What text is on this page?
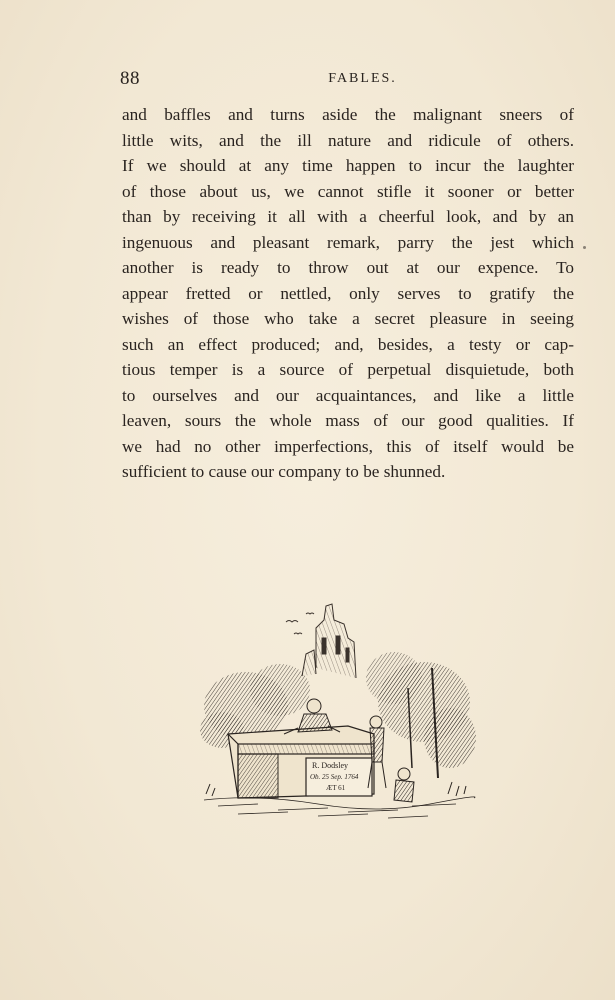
88	FABLES.
and baffles and turns aside the malignant sneers of
little wits, and the ill nature and ridicule of others.
If we should at any time happen to incur the laughter
of those about us, we cannot stifle it sooner or better
than by receiving it all with a cheerful look, and by an
ingenuous and pleasant remark, parry the jest which
another is ready to throw out at our expence. To
appear fretted or nettled, only serves to gratify the
wishes of those who take a secret pleasure in seeing
such an effect produced; and, besides, a testy or cap-
tious temper is a source of perpetual disquietude, both
to ourselves and our acquaintances, and like a little
leaven, sours the whole mass of our good qualities. If
we had no other imperfections, this of itself would be
sufficient to cause our company to be shunned.
R. Dodsley
Ob. 25 Sep. 1764
ÆT 61
